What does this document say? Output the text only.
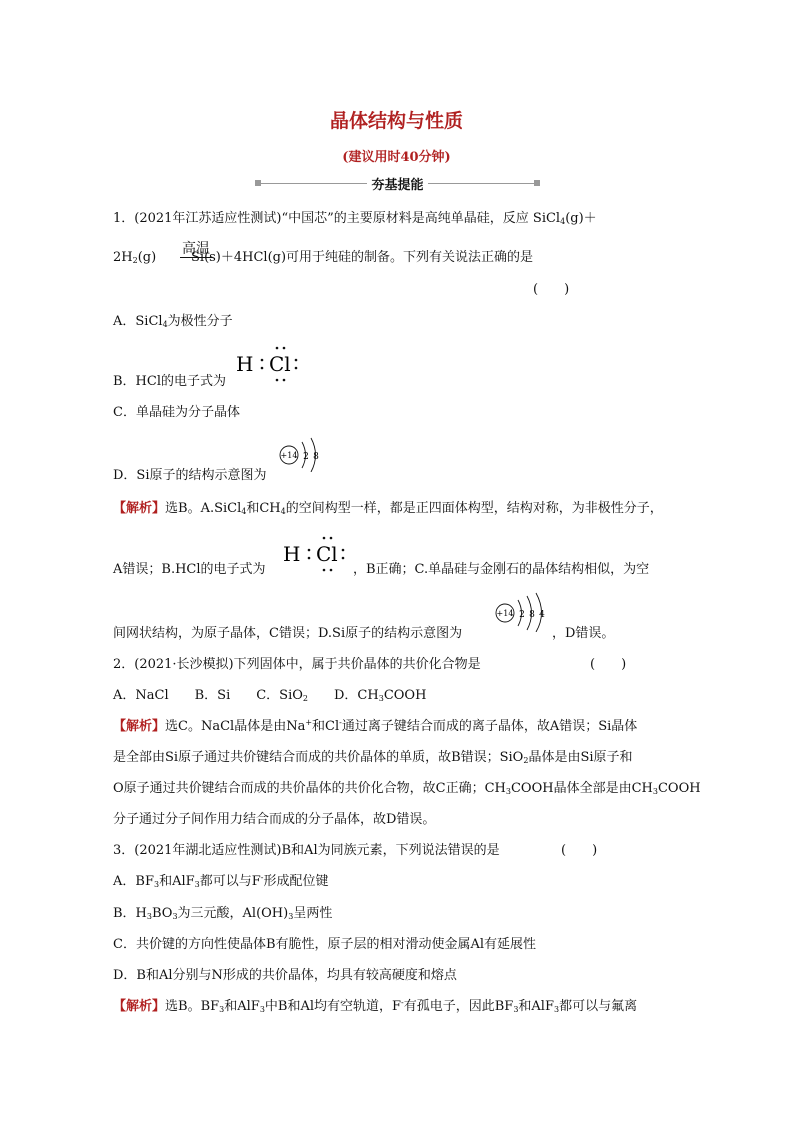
晶体结构与性质
(建议用时40分钟)
夯基提能
1．(2021年江苏适应性测试)“中国芯”的主要原材料是高纯单晶硅，反应 SiCl$_4$(g)＋
$2H_2(g)$
高温
Si(s)＋4HCl(g)可用于纯硅的制备。下列有关说法正确的是
(　　)
A．SiCl$_4$为极性分子
B．HCl的电子式为
H Cl
C．单晶硅为分子晶体
D．Si原子的结构示意图为
+14 2 8
【解析】选B。A.SiCl$_4$和$CH_4$的空间构型一样，都是正四面体构型，结构对称，为非极性分子，
A错误；B.HCl的电子式为
H Cl
，B正确；C.单晶硅与金刚石的晶体结构相似，为空
间网状结构，为原子晶体，C错误；D.Si原子的结构示意图为
+14 2 8 4
，D错误。
2．(2021·长沙模拟)下列固体中，属于共价晶体的共价化合物是	(　　)
A．NaCl　　B．Si　　C．SiO$_2$　　D．$CH_3COOH$
【解析】选C。NaCl晶体是由Na+和Cl-通过离子键结合而成的离子晶体，故A错误；Si晶体
是全部由Si原子通过共价键结合而成的共价晶体的单质，故B错误；SiO$_2$晶体是由Si原子和
O原子通过共价键结合而成的共价晶体的共价化合物，故C正确；$CH_3COOH$晶体全部是由$CH_3COOH$
分子通过分子间作用力结合而成的分子晶体，故D错误。
3．(2021年湖北适应性测试)B和Al为同族元素，下列说法错误的是	(　　)
A．$BF_3$和AlF$_3$都可以与F-形成配位键
B．$H_3BO_3$为三元酸，$Al(OH)_3$呈两性
C．共价键的方向性使晶体B有脆性，原子层的相对滑动使金属Al有延展性
D．B和Al分别与N形成的共价晶体，均具有较高硬度和熔点
【解析】选B。$BF_3$和AlF$_3$中B和Al均有空轨道，F-有孤电子，因此$BF_3$和AlF$_3$都可以与氟离
